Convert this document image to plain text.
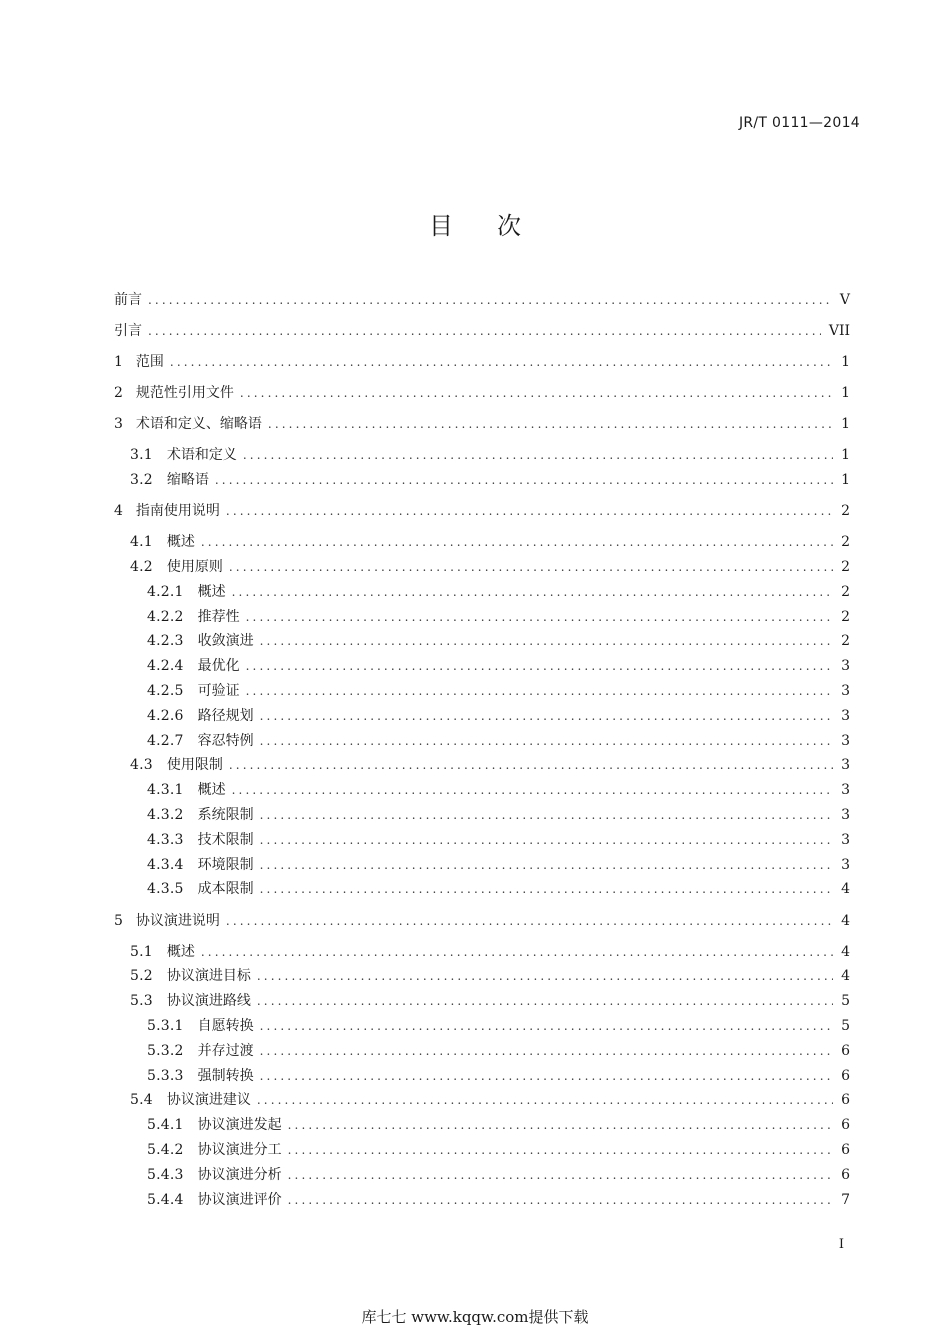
JR/T 0111—2014
目 次
前言 .....	V
引言 .....	VII
1 范围 .....	1
2 规范性引用文件 .....	1
3 术语和定义、缩略语 .....	1
3.1 术语和定义 .....	1
3.2 缩略语 .....	1
4 指南使用说明 .....	2
4.1 概述 .....	2
4.2 使用原则 .....	2
4.2.1 概述 .....	2
4.2.2 推荐性 .....	2
4.2.3 收敛演进 .....	2
4.2.4 最优化 .....	3
4.2.5 可验证 .....	3
4.2.6 路径规划 .....	3
4.2.7 容忍特例 .....	3
4.3 使用限制 .....	3
4.3.1 概述 .....	3
4.3.2 系统限制 .....	3
4.3.3 技术限制 .....	3
4.3.4 环境限制 .....	3
4.3.5 成本限制 .....	4
5 协议演进说明 .....	4
5.1 概述 .....	4
5.2 协议演进目标 .....	4
5.3 协议演进路线 .....	5
5.3.1 自愿转换 .....	5
5.3.2 并存过渡 .....	6
5.3.3 强制转换 .....	6
5.4 协议演进建议 .....	6
5.4.1 协议演进发起 .....	6
5.4.2 协议演进分工 .....	6
5.4.3 协议演进分析 .....	6
5.4.4 协议演进评价 .....	7
I
库七七 www.kqqw.com提供下载
